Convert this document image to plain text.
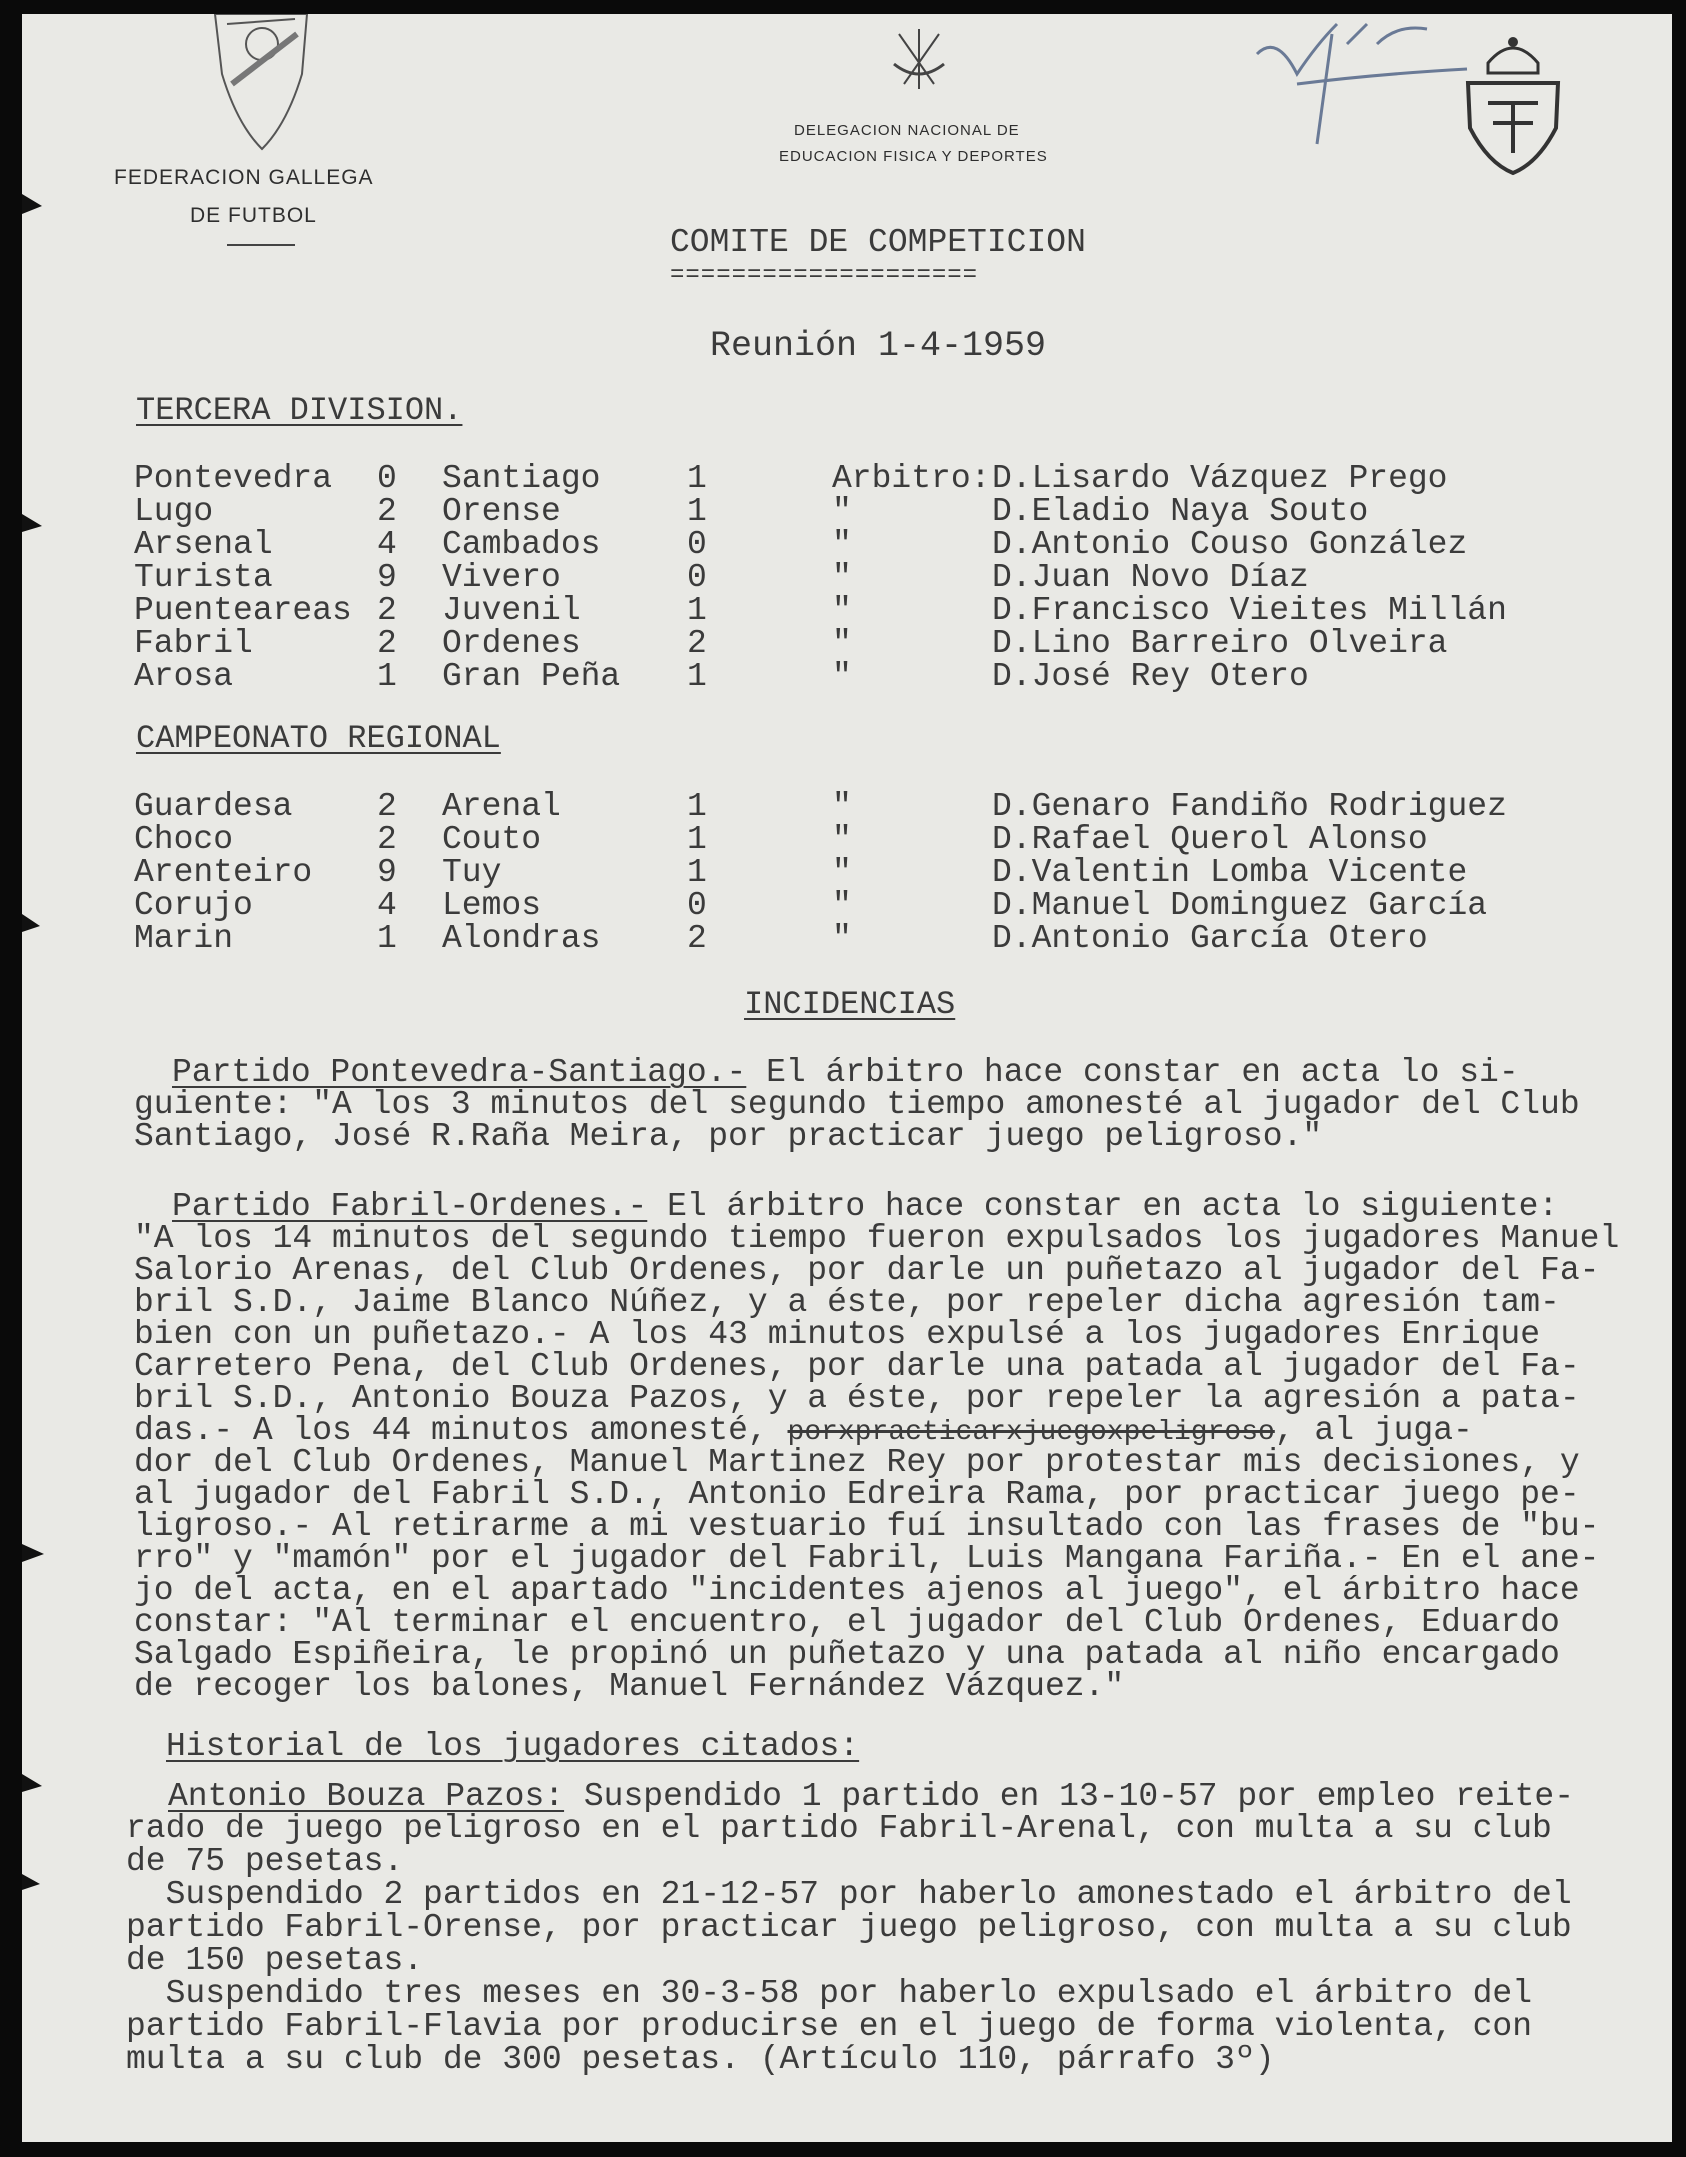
FEDERACION GALLEGA
DE FUTBOL
DELEGACION NACIONAL DE
EDUCACION FISICA Y DEPORTES
COMITE DE COMPETICION
====================
Reunión 1-4-1959
TERCERA DIVISION.
Pontevedra 0 Santiago	1	Arbitro: D.Lisardo Vázquez Prego
Lugo	2 Orense	1	"	D.Eladio Naya Souto
Arsenal	4 Cambados	0	"	D.Antonio Couso González
Turista	9 Vivero	0	"	D.Juan Novo Díaz
Puenteareas 2 Juvenil	1	"	D.Francisco Vieites Millán
Fabril	2 Ordenes	2	"	D.Lino Barreiro Olveira
Arosa	1 Gran Peña 1	"	D.José Rey Otero
CAMPEONATO REGIONAL
Guardesa	2 Arenal	1	"	D.Genaro Fandiño Rodriguez
Choco	2 Couto	1	"	D.Rafael Querol Alonso
Arenteiro 9 Tuy	1	"	D.Valentin Lomba Vicente
Corujo	4 Lemos	0	"	D.Manuel Dominguez García
Marin	1 Alondras	2	"	D.Antonio García Otero
INCIDENCIAS
Partido Pontevedra-Santiago.- El árbitro hace constar en acta lo si-
guiente: "A los 3 minutos del segundo tiempo amonesté al jugador del Club
Santiago, José R.Raña Meira, por practicar juego peligroso."
Partido Fabril-Ordenes.- El árbitro hace constar en acta lo siguiente:
"A los 14 minutos del segundo tiempo fueron expulsados los jugadores Manuel
Salorio Arenas, del Club Ordenes, por darle un puñetazo al jugador del Fa-
bril S.D., Jaime Blanco Núñez, y a éste, por repeler dicha agresión tam-
bien con un puñetazo.- A los 43 minutos expulsé a los jugadores Enrique
Carretero Pena, del Club Ordenes, por darle una patada al jugador del Fa-
bril S.D., Antonio Bouza Pazos, y a éste, por repeler la agresión a pata-
das.- A los 44 minutos amonesté, porxpracticarxjuegoxpeligroso, al juga-
dor del Club Ordenes, Manuel Martinez Rey por protestar mis decisiones, y
al jugador del Fabril S.D., Antonio Edreira Rama, por practicar juego pe-
ligroso.- Al retirarme a mi vestuario fuí insultado con las frases de "bu-
rro" y "mamón" por el jugador del Fabril, Luis Mangana Fariña.- En el ane-
jo del acta, en el apartado "incidentes ajenos al juego", el árbitro hace
constar: "Al terminar el encuentro, el jugador del Club Ordenes, Eduardo
Salgado Espiñeira, le propinó un puñetazo y una patada al niño encargado
de recoger los balones, Manuel Fernández Vázquez."
Historial de los jugadores citados:
Antonio Bouza Pazos: Suspendido 1 partido en 13-10-57 por empleo reite-
rado de juego peligroso en el partido Fabril-Arenal, con multa a su club
de 75 pesetas.
Suspendido 2 partidos en 21-12-57 por haberlo amonestado el árbitro del
partido Fabril-Orense, por practicar juego peligroso, con multa a su club
de 150 pesetas.
Suspendido tres meses en 30-3-58 por haberlo expulsado el árbitro del
partido Fabril-Flavia por producirse en el juego de forma violenta, con
multa a su club de 300 pesetas. (Artículo 110, párrafo 3º)
